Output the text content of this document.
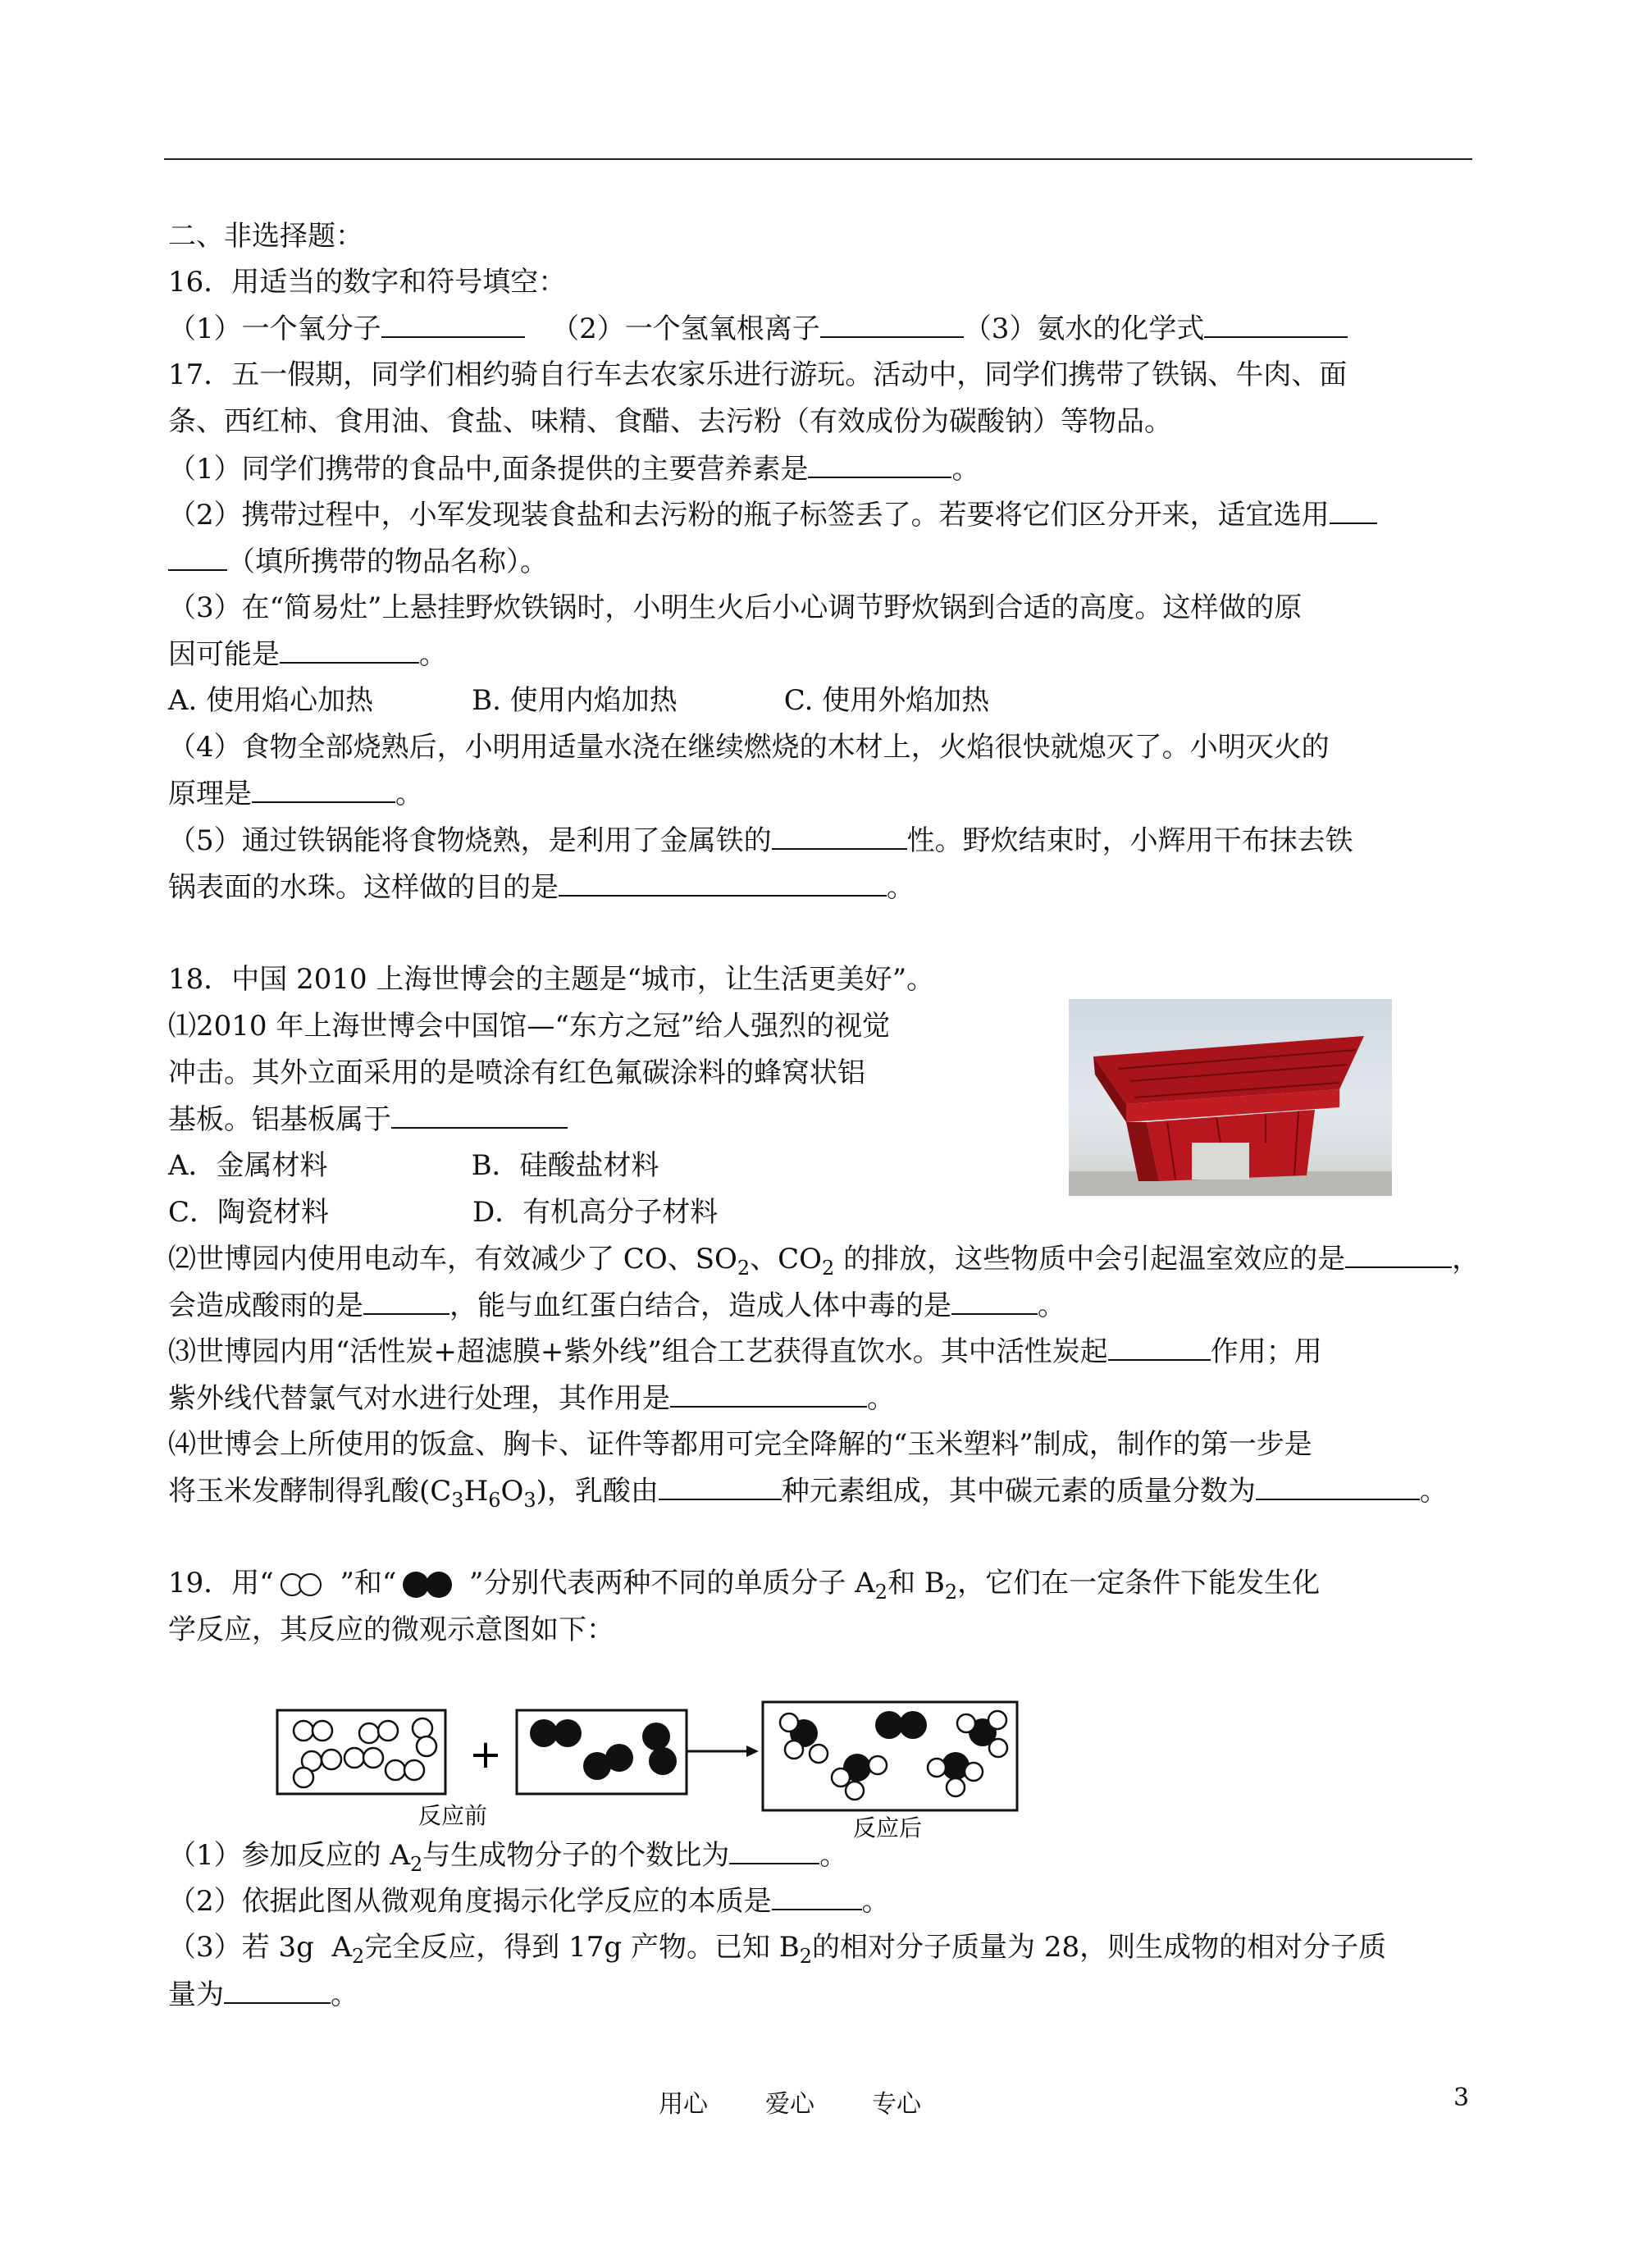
二、非选择题：
16．用适当的数字和符号填空：
（1）一个氧分子	（2）一个氢氧根离子	（3）氨水的化学式
17．五一假期，同学们相约骑自行车去农家乐进行游玩。活动中，同学们携带了铁锅、牛肉、面
条、西红柿、食用油、食盐、味精、食醋、去污粉（有效成份为碳酸钠）等物品。
（1）同学们携带的食品中,面条提供的主要营养素是	。
（2）携带过程中，小军发现装食盐和去污粉的瓶子标签丢了。若要将它们区分开来，适宜选用
（填所携带的物品名称）。
（3）在“简易灶”上悬挂野炊铁锅时，小明生火后小心调节野炊锅到合适的高度。这样做的原
因可能是	。
A. 使用焰心加热	B. 使用内焰加热	C. 使用外焰加热
（4）食物全部烧熟后，小明用适量水浇在继续燃烧的木材上，火焰很快就熄灭了。小明灭火的
原理是	。
（5）通过铁锅能将食物烧熟，是利用了金属铁的	性。野炊结束时，小辉用干布抹去铁
锅表面的水珠。这样做的目的是	。
18．中国 2010 上海世博会的主题是“城市，让生活更美好”。
⑴2010 年上海世博会中国馆—“东方之冠”给人强烈的视觉
冲击。其外立面采用的是喷涂有红色氟碳涂料的蜂窝状铝
基板。铝基板属于
A．金属材料	B．硅酸盐材料
C．陶瓷材料	D．有机高分子材料
⑵世博园内使用电动车，有效减少了 CO、$SO_2$、$CO_2$ 的排放，这些物质中会引起温室效应的是	，
会造成酸雨的是	，能与血红蛋白结合，造成人体中毒的是	。
⑶世博园内用“活性炭+超滤膜+紫外线”组合工艺获得直饮水。其中活性炭起	作用；用
紫外线代替氯气对水进行处理，其作用是	。
⑷世博会上所使用的饭盒、胸卡、证件等都用可完全降解的“玉米塑料”制成，制作的第一步是
将玉米发酵制得乳酸$(C_3H_6O_3)$，乳酸由	种元素组成，其中碳元素的质量分数为	。
19．用“ ”和“ ”分别代表两种不同的单质分子 $A_2$和 $B_2$，它们在一定条件下能发生化
学反应，其反应的微观示意图如下：
+
反应前	反应后
（1）参加反应的 $A_2$与生成物分子的个数比为	。
（2）依据此图从微观角度揭示化学反应的本质是	。
（3）若 3g  $A_2$完全反应，得到 17g 产物。已知 $B_2$的相对分子质量为 28，则生成物的相对分子质
量为	。
用心 爱心 专心	3
